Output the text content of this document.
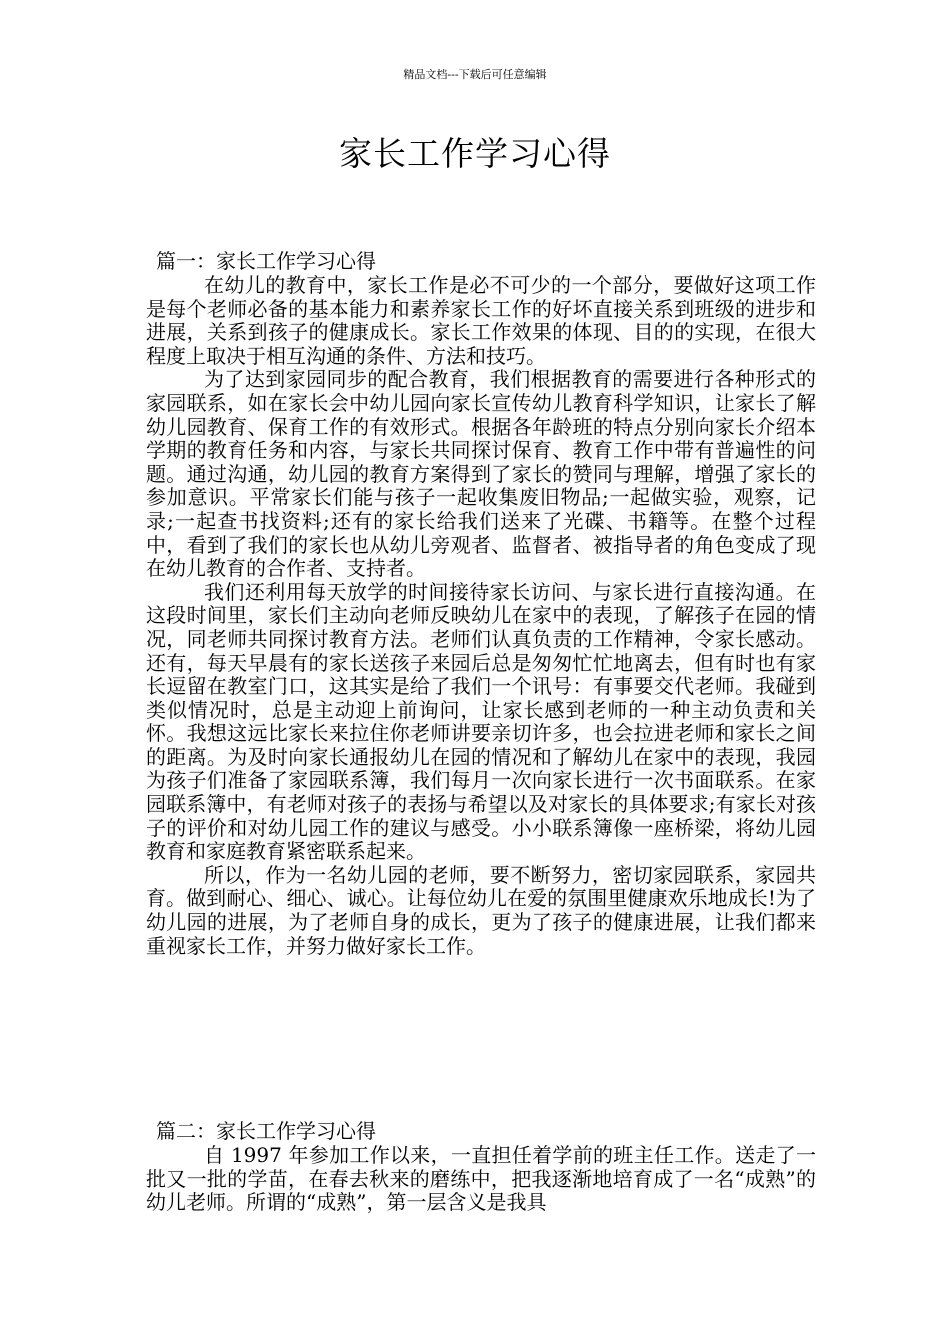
精品文档---下载后可任意编辑
家长工作学习心得
篇一：家长工作学习心得

在幼儿的教育中，家长工作是必不可少的一个部分，要做好这项工作是每个老师必备的基本能力和素养家长工作的好坏直接关系到班级的进步和进展，关系到孩子的健康成长。家长工作效果的体现、目的的实现，在很大程度上取决于相互沟通的条件、方法和技巧。

为了达到家园同步的配合教育，我们根据教育的需要进行各种形式的家园联系，如在家长会中幼儿园向家长宣传幼儿教育科学知识，让家长了解幼儿园教育、保育工作的有效形式。根据各年龄班的特点分别向家长介绍本学期的教育任务和内容，与家长共同探讨保育、教育工作中带有普遍性的问题。通过沟通，幼儿园的教育方案得到了家长的赞同与理解，增强了家长的参加意识。平常家长们能与孩子一起收集废旧物品;一起做实验，观察，记录;一起查书找资料;还有的家长给我们送来了光碟、书籍等。在整个过程中，看到了我们的家长也从幼儿旁观者、监督者、被指导者的角色变成了现在幼儿教育的合作者、支持者。

我们还利用每天放学的时间接待家长访问、与家长进行直接沟通。在这段时间里，家长们主动向老师反映幼儿在家中的表现，了解孩子在园的情况，同老师共同探讨教育方法。老师们认真负责的工作精神，令家长感动。还有，每天早晨有的家长送孩子来园后总是匆匆忙忙地离去，但有时也有家长逗留在教室门口，这其实是给了我们一个讯号：有事要交代老师。我碰到类似情况时，总是主动迎上前询问，让家长感到老师的一种主动负责和关怀。我想这远比家长来拉住你老师讲要亲切许多，也会拉进老师和家长之间的距离。为及时向家长通报幼儿在园的情况和了解幼儿在家中的表现，我园为孩子们准备了家园联系簿，我们每月一次向家长进行一次书面联系。在家园联系簿中，有老师对孩子的表扬与希望以及对家长的具体要求;有家长对孩子的评价和对幼儿园工作的建议与感受。小小联系簿像一座桥梁，将幼儿园教育和家庭教育紧密联系起来。

所以，作为一名幼儿园的老师，要不断努力，密切家园联系，家园共育。做到耐心、细心、诚心。让每位幼儿在爱的氛围里健康欢乐地成长!为了幼儿园的进展，为了老师自身的成长，更为了孩子的健康进展，让我们都来重视家长工作，并努力做好家长工作。

篇二：家长工作学习心得

自 1997 年参加工作以来，一直担任着学前的班主任工作。送走了一批又一批的学苗，在春去秋来的磨练中，把我逐渐地培育成了一名“成熟”的幼儿老师。所谓的“成熟”，第一层含义是我具
